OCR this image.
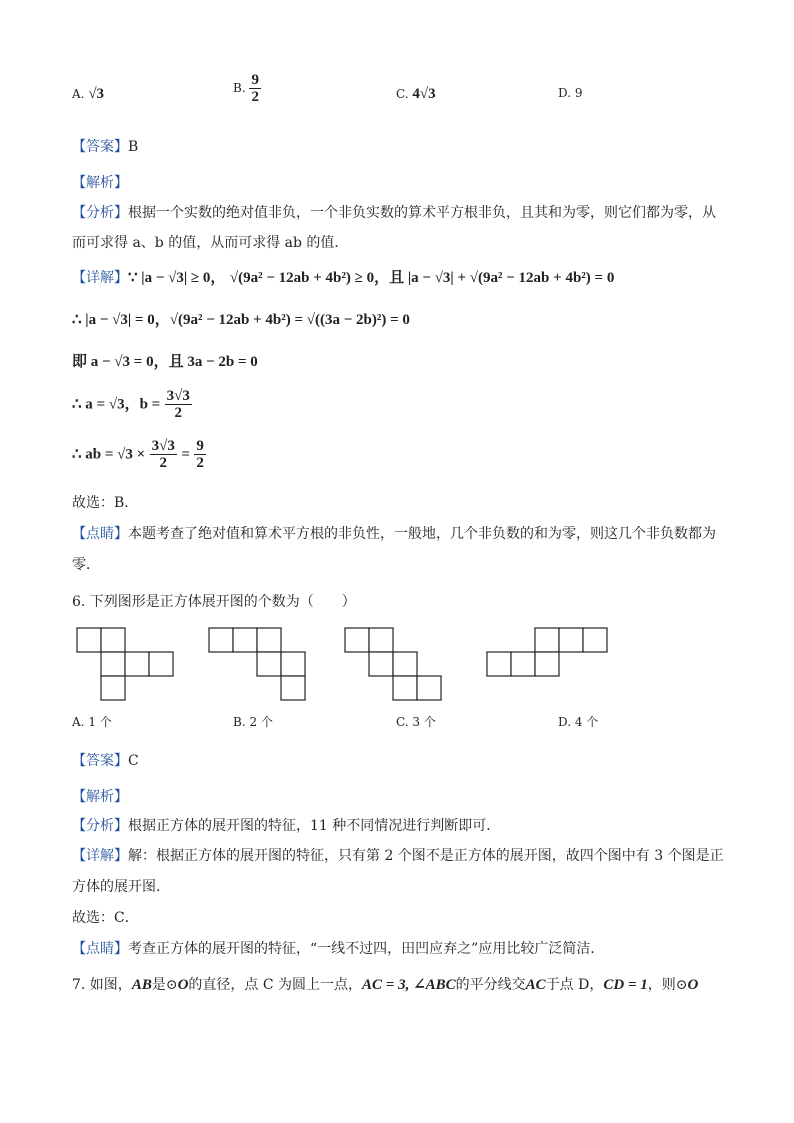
A. √3	B. $\frac{9}{2}$	C. 4√3	D. 9
【答案】B
【解析】
【分析】根据一个实数的绝对值非负，一个非负实数的算术平方根非负，且其和为零，则它们都为零，从
而可求得 a、b 的值，从而可求得 ab 的值．
【详解】∵ |a − √3| ≥ 0， √(9a² − 12ab + 4b²) ≥ 0，且 |a − √3| + √(9a² − 12ab + 4b²) = 0
∴ |a − √3| = 0，√(9a² − 12ab + 4b²) = √((3a − 2b)²) = 0
即 a − √3 = 0，且 3a − 2b = 0
∴ a = √3，$b = \frac{3√3}{2}$
∴ ab = $√3 \times \frac{3√3}{2} = \frac{9}{2}$
故选：B．
【点睛】本题考查了绝对值和算术平方根的非负性，一般地，几个非负数的和为零，则这几个非负数都为
零．
6. 下列图形是正方体展开图的个数为（　　）
A. 1 个	B. 2 个	C. 3 个	D. 4 个
【答案】C
【解析】
【分析】根据正方体的展开图的特征，11 种不同情况进行判断即可．
【详解】解：根据正方体的展开图的特征，只有第 2 个图不是正方体的展开图，故四个图中有 3 个图是正
方体的展开图．
故选：C．
【点睛】考查正方体的展开图的特征，“一线不过四，田凹应弃之”应用比较广泛简洁．
7. 如图，AB是⊙O的直径，点 C 为圆上一点，AC = 3, ∠ABC的平分线交AC于点 D，CD = 1，则⊙O
